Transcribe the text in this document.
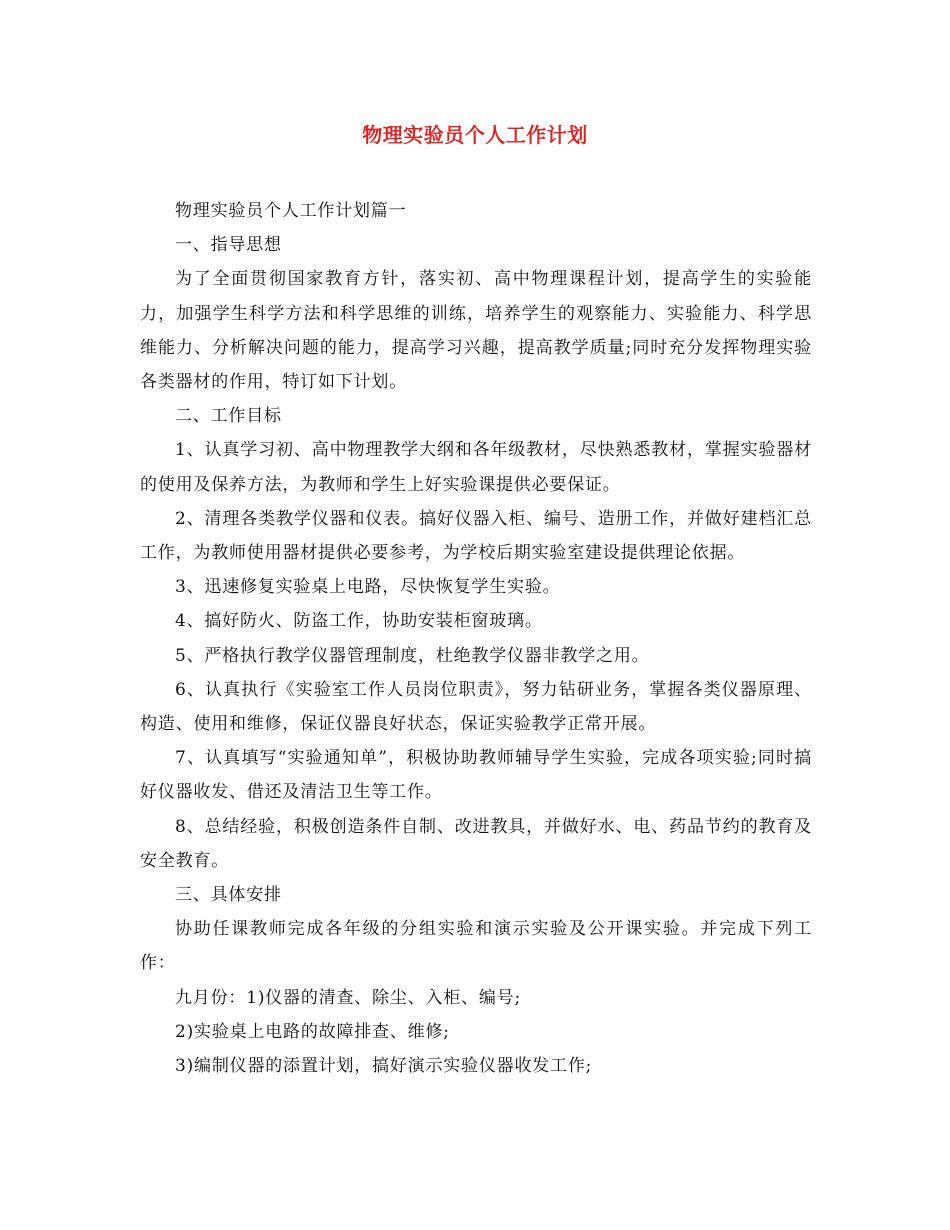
物理实验员个人工作计划

物理实验员个人工作计划篇一

一、指导思想

为了全面贯彻国家教育方针，落实初、高中物理课程计划，提高学生的实验能力，加强学生科学方法和科学思维的训练，培养学生的观察能力、实验能力、科学思维能力、分析解决问题的能力，提高学习兴趣，提高教学质量;同时充分发挥物理实验各类器材的作用，特订如下计划。

二、工作目标

1、认真学习初、高中物理教学大纲和各年级教材，尽快熟悉教材，掌握实验器材的使用及保养方法，为教师和学生上好实验课提供必要保证。

2、清理各类教学仪器和仪表。搞好仪器入柜、编号、造册工作，并做好建档汇总工作，为教师使用器材提供必要参考，为学校后期实验室建设提供理论依据。

3、迅速修复实验桌上电路，尽快恢复学生实验。

4、搞好防火、防盗工作，协助安装柜窗玻璃。

5、严格执行教学仪器管理制度，杜绝教学仪器非教学之用。

6、认真执行《实验室工作人员岗位职责》，努力钻研业务，掌握各类仪器原理、构造、使用和维修，保证仪器良好状态，保证实验教学正常开展。

7、认真填写“实验通知单”，积极协助教师辅导学生实验，完成各项实验;同时搞好仪器收发、借还及清洁卫生等工作。

8、总结经验，积极创造条件自制、改进教具，并做好水、电、药品节约的教育及安全教育。

三、具体安排

协助任课教师完成各年级的分组实验和演示实验及公开课实验。并完成下列工作：

九月份：1)仪器的清查、除尘、入柜、编号;

2)实验桌上电路的故障排查、维修;

3)编制仪器的添置计划，搞好演示实验仪器收发工作;
